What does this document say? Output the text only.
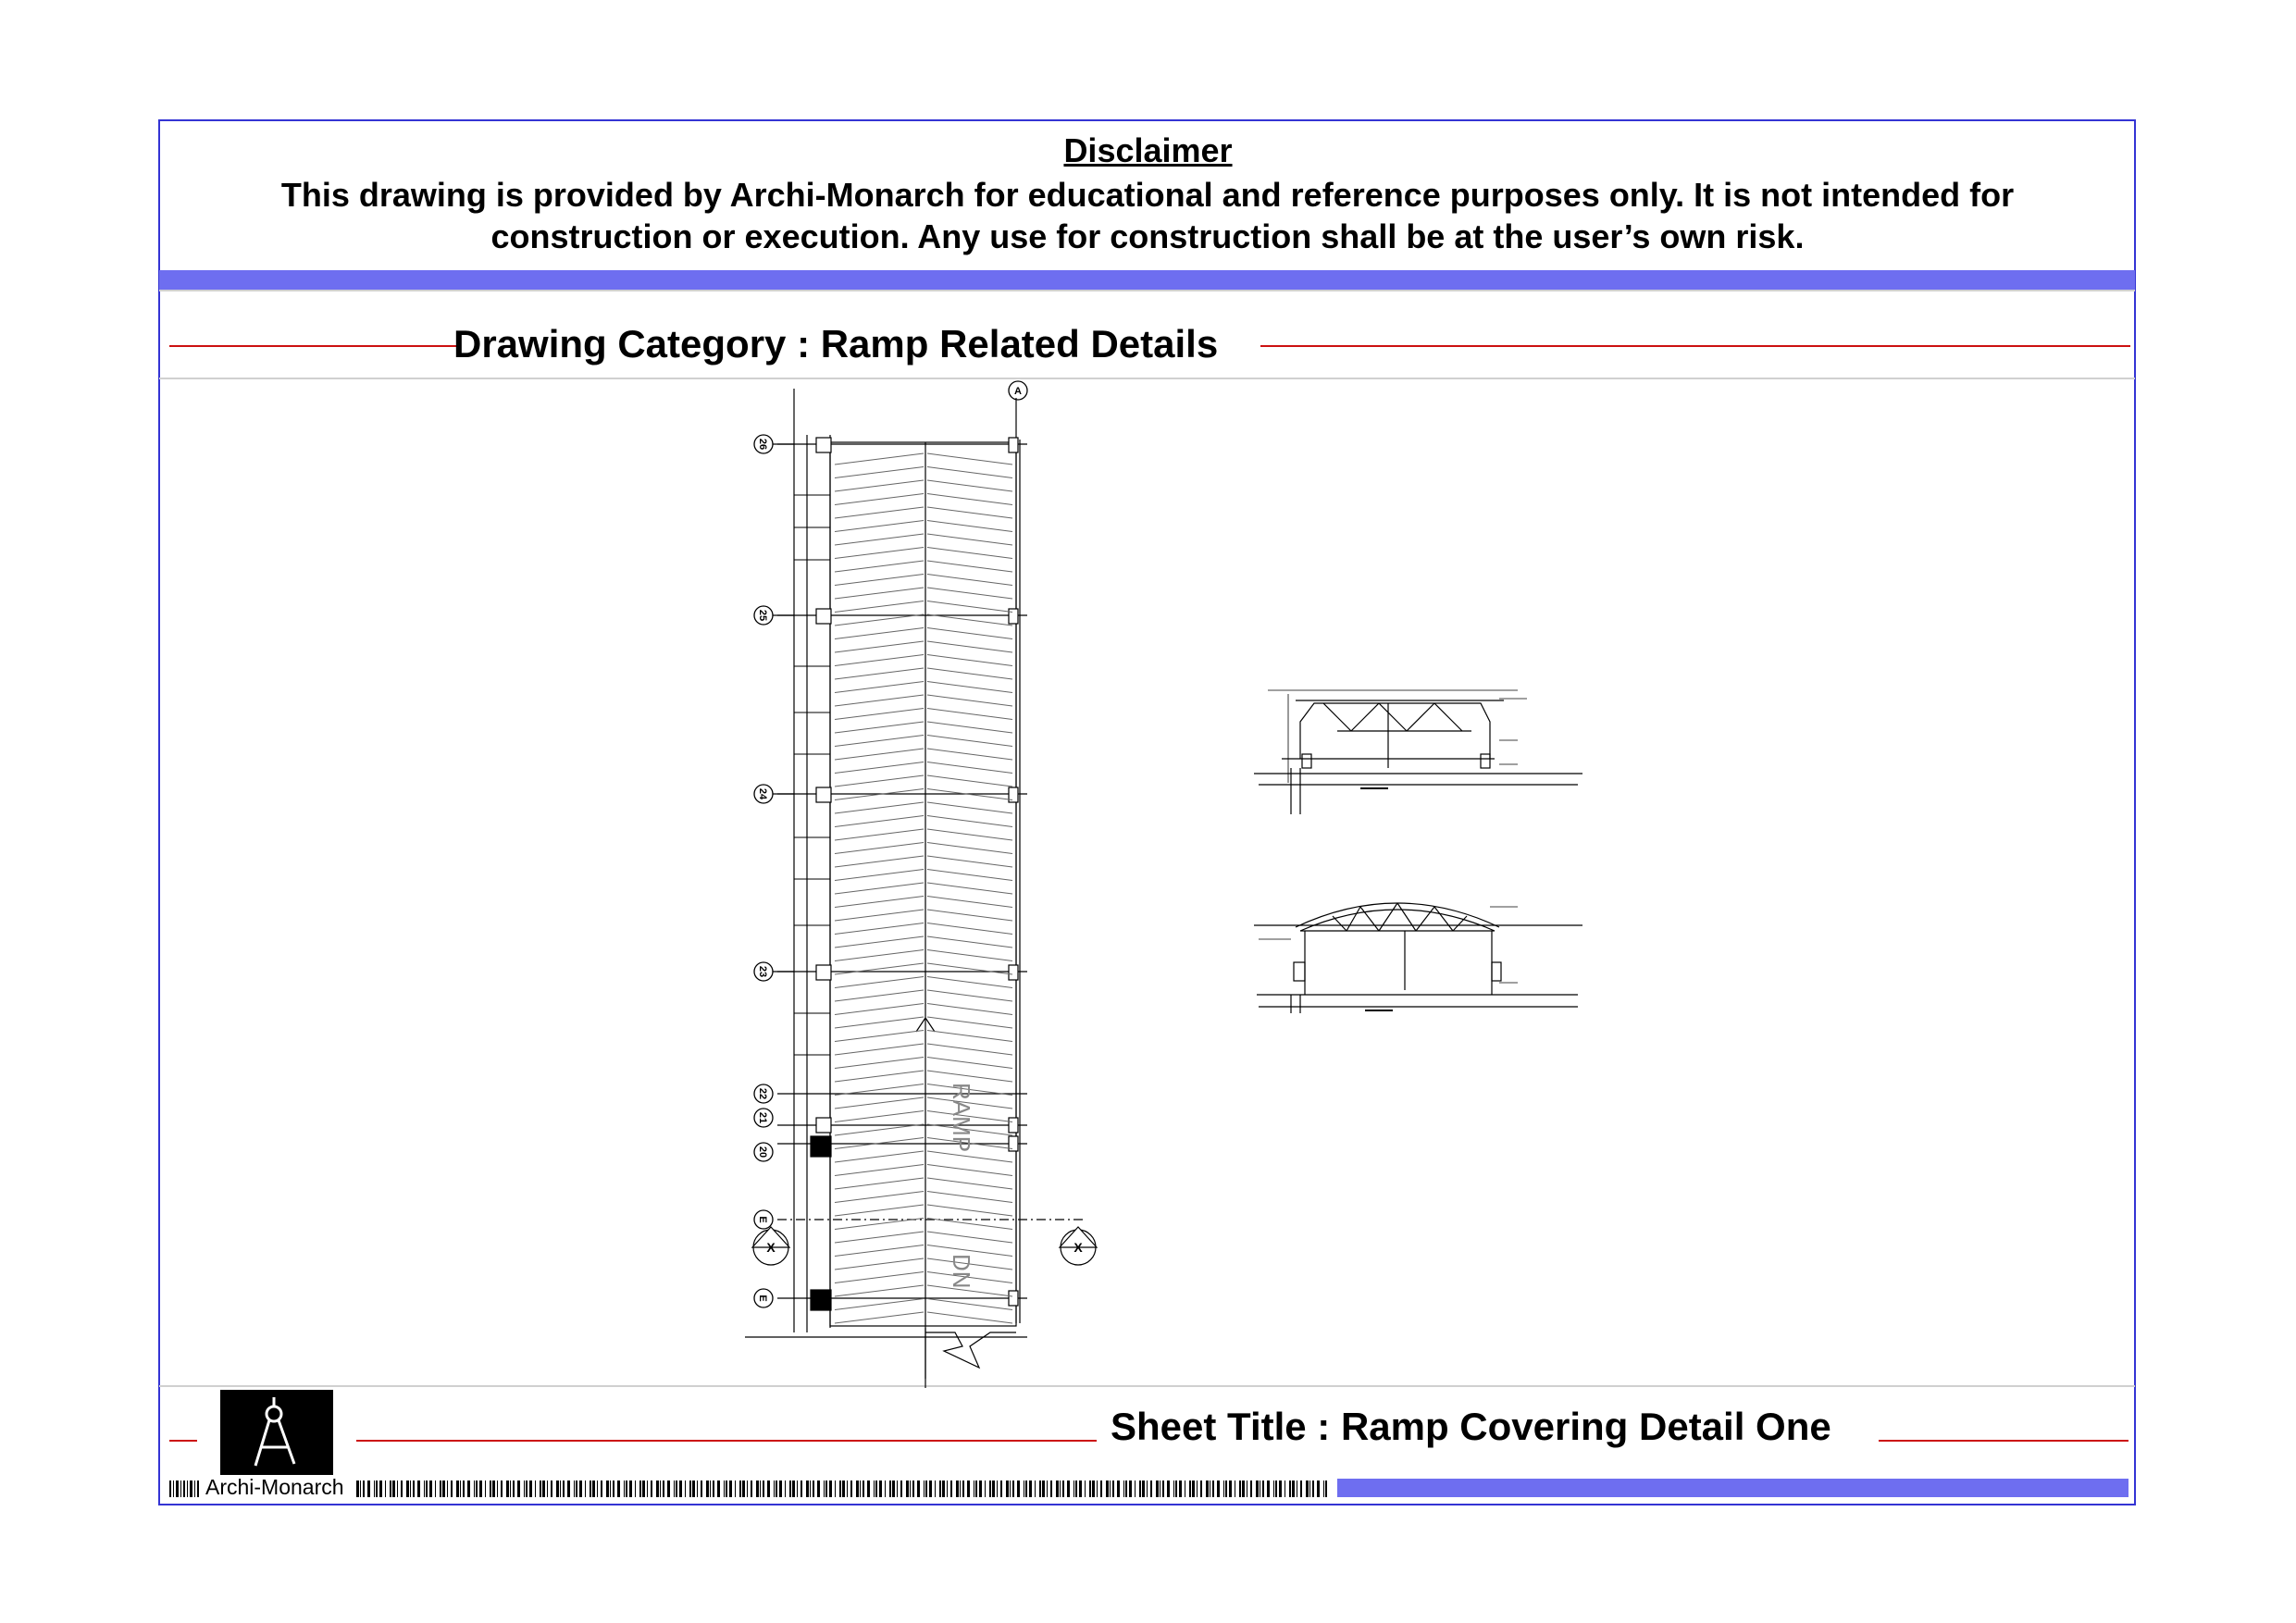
Disclaimer
This drawing is provided by Archi-Monarch for educational and reference purposes only. It is not intended for construction or execution. Any use for construction shall be at the user’s own risk.
Drawing Category : Ramp Related Details
RAMP
DN
A
26
25
24
23
22
21
20
E
E
X	X
Sheet Title : Ramp Covering Detail One
Archi-Monarch
